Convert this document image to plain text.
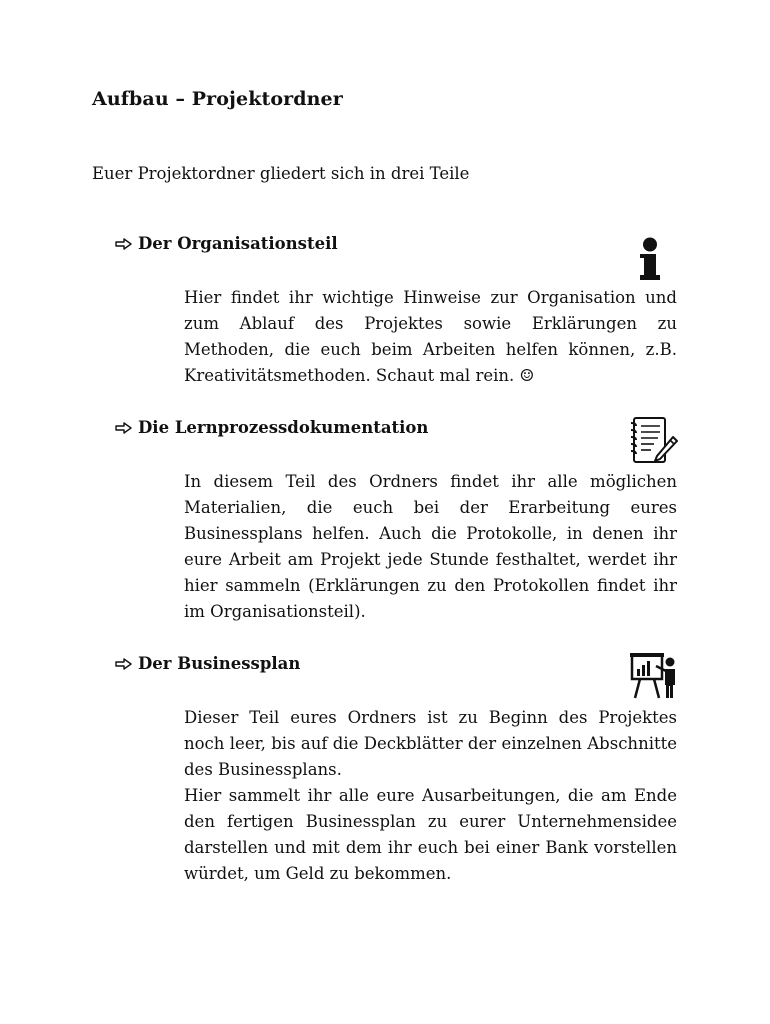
Aufbau – Projektordner
Euer Projektordner gliedert sich in drei Teile
Der Organisationsteil

Hier findet ihr wichtige Hinweise zur Organisation und zum Ablauf des Projektes sowie Erklärungen zu Methoden, die euch beim Arbeiten helfen können, z.B. Kreativitätsmethoden. Schaut mal rein. ☺

Die Lernprozessdokumentation

In diesem Teil des Ordners findet ihr alle möglichen Materialien, die euch bei der Erarbeitung eures Businessplans helfen. Auch die Protokolle, in denen ihr eure Arbeit am Projekt jede Stunde festhaltet, werdet ihr hier sammeln (Erklärungen zu den Protokollen findet ihr im Organisationsteil).

Der Businessplan

Dieser Teil eures Ordners ist zu Beginn des Projektes noch leer, bis auf die Deckblätter der einzelnen Abschnitte des Businessplans.

Hier sammelt ihr alle eure Ausarbeitungen, die am Ende den fertigen Businessplan zu eurer Unternehmensidee darstellen und mit dem ihr euch bei einer Bank vorstellen würdet, um Geld zu bekommen.
